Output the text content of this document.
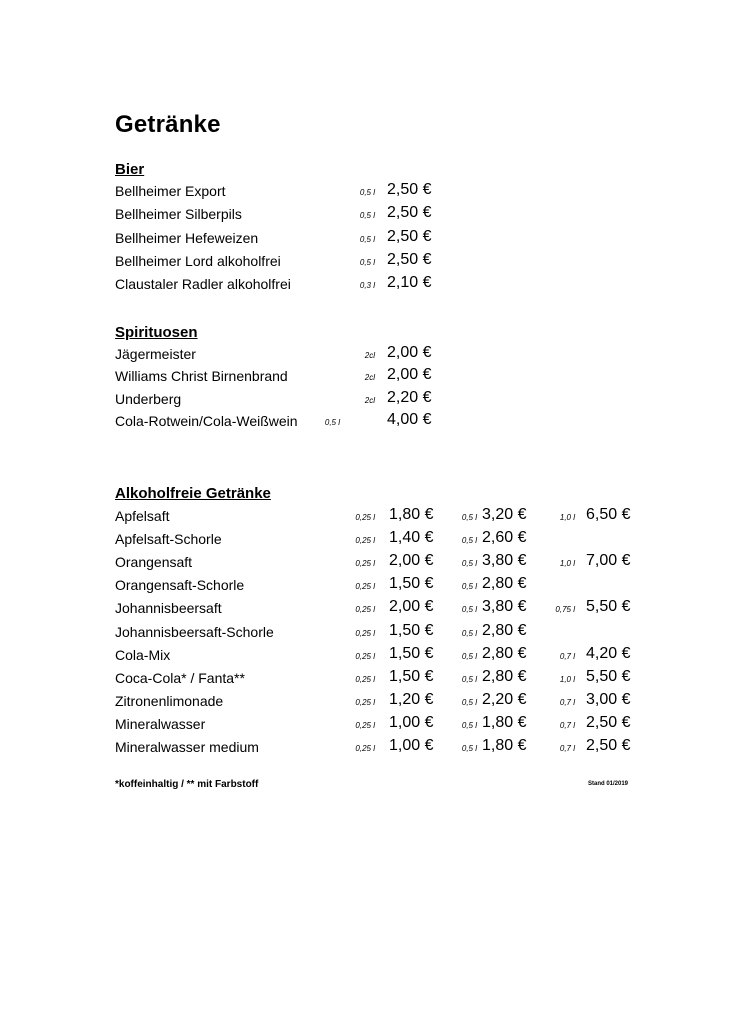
Getränke
Bier
Bellheimer Export	0,5 l 2,50 €
Bellheimer Silberpils	0,5 l 2,50 €
Bellheimer Hefeweizen	0,5 l 2,50 €
Bellheimer Lord alkoholfrei	0,5 l 2,50 €
Claustaler Radler alkoholfrei	0,3 l 2,10 €
Spirituosen
Jägermeister	2cl 2,00 €
Williams Christ Birnenbrand	2cl 2,00 €
Underberg	2cl 2,20 €
Cola-Rotwein/Cola-Weißwein	0,5 l	4,00 €
Alkoholfreie Getränke
Apfelsaft	0,25 l 1,80 €	0,5 l 3,20 €	1,0 l 6,50 €
Apfelsaft-Schorle	0,25 l 1,40 €	0,5 l 2,60 €
Orangensaft	0,25 l 2,00 €	0,5 l 3,80 €	1,0 l 7,00 €
Orangensaft-Schorle	0,25 l 1,50 €	0,5 l 2,80 €
Johannisbeersaft	0,25 l 2,00 €	0,5 l 3,80 €	0,75 l 5,50 €
Johannisbeersaft-Schorle	0,25 l 1,50 €	0,5 l 2,80 €
Cola-Mix	0,25 l 1,50 €	0,5 l 2,80 €	0,7 l 4,20 €
Coca-Cola* / Fanta**	0,25 l 1,50 €	0,5 l 2,80 €	1,0 l 5,50 €
Zitronenlimonade	0,25 l 1,20 €	0,5 l 2,20 €	0,7 l 3,00 €
Mineralwasser	0,25 l 1,00 €	0,5 l 1,80 €	0,7 l 2,50 €
Mineralwasser medium	0,25 l 1,00 €	0,5 l 1,80 €	0,7 l 2,50 €
*koffeinhaltig / ** mit Farbstoff	Stand 01/2019
